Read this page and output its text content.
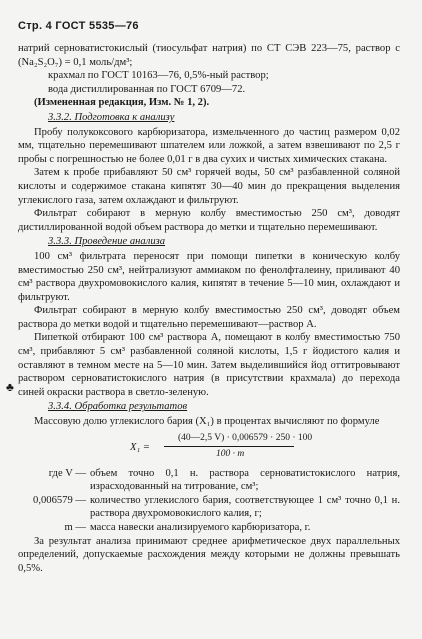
Стр. 4 ГОСТ 5535—76

натрий серноватистокислый (тиосульфат натрия) по СТ СЭВ 223—75, раствор c (Na₂S₂O₇) = 0,1 моль/дм³;

крахмал по ГОСТ 10163—76, 0,5%-ный раствор;

вода дистиллированная по ГОСТ 6709—72.

(Измененная редакция, Изм. № 1, 2).

3.3.2. Подготовка к анализу

Пробу полукоксового карбюризатора, измельченного до частиц размером 0,02 мм, тщательно перемешивают шпателем или ложкой, а затем взвешивают по 2,5 г пробы с погрешностью не более 0,01 г в два сухих и чистых химических стакана.

Затем к пробе прибавляют 50 см³ горячей воды, 50 см³ разбавленной соляной кислоты и содержимое стакана кипятят 30—40 мин до прекращения выделения углекислого газа, затем охлаждают и фильтруют.

Фильтрат собирают в мерную колбу вместимостью 250 см³, доводят дистиллированной водой объем раствора до метки и тщательно перемешивают.

3.3.3. Проведение анализа

100 см³ фильтрата переносят при помощи пипетки в коническую колбу вместимостью 250 см³, нейтрализуют аммиаком по фенолфталеину, приливают 40 см³ раствора двухромовокислого калия, кипятят в течение 5—10 мин, охлаждают и фильтруют.

Фильтрат собирают в мерную колбу вместимостью 250 см³, доводят объем раствора до метки водой и тщательно перемешивают—раствор А.

Пипеткой отбирают 100 см³ раствора А, помещают в колбу вместимостью 750 см³, прибавляют 5 см³ разбавленной соляной кислоты, 1,5 г йодистого калия и оставляют в темном месте на 5—10 мин. Затем выделившийся йод оттитровывают раствором серноватистокислого натрия (в присутствии крахмала) до перехода синей окраски раствора в светло-зеленую.

3.3.4. Обработка результатов

Массовую долю углекислого бария (X₁) в процентах вычисляют по формуле

X₁ =
(40—2,5 V) · 0,006579 · 250 · 100
100 · m
где V — объем точно 0,1 н. раствора серноватистокислого натрия, израсходованный на титрование, см³;
0,006579 — количество углекислого бария, соответствующее 1 см³ точно 0,1 н. раствора двухромовокислого калия, г;
m — масса навески анализируемого карбюризатора, г.

За результат анализа принимают среднее арифметическое двух параллельных определений, допускаемые расхождения между которыми не должны превышать 0,5%.

♣
